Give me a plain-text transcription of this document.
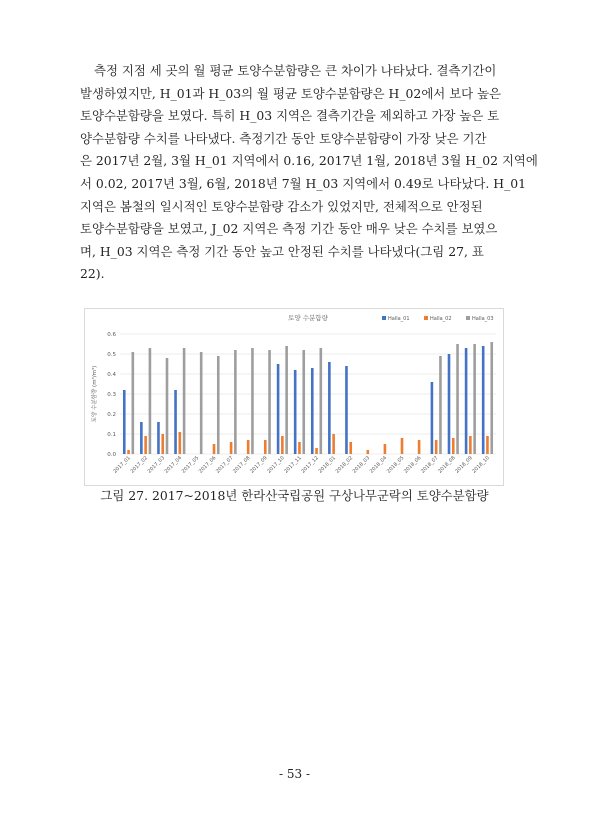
측정 지점 세 곳의 월 평균 토양수분함량은 큰 차이가 나타났다. 결측기간이
발생하였지만, H_01과 H_03의 월 평균 토양수분함량은 H_02에서 보다 높은
토양수분함량을 보였다. 특히 H_03 지역은 결측기간을 제외하고 가장 높은 토
양수분함량 수치를 나타냈다. 측정기간 동안 토양수분함량이 가장 낮은 기간
은 2017년 2월, 3월 H_01 지역에서 0.16, 2017년 1월, 2018년 3월 H_02 지역에
서 0.02, 2017년 3월, 6월, 2018년 7월 H_03 지역에서 0.49로 나타났다. H_01
지역은 봄철의 일시적인 토양수분함량 감소가 있었지만, 전체적으로 안정된
토양수분함량을 보였고, J_02 지역은 측정 기간 동안 매우 낮은 수치를 보였으
며, H_03 지역은 측정 기간 동안 높고 안정된 수치를 나타냈다(그림 27, 표
22).

토양 수분함량
0.0
0.1
0.2
0.3
0.4
0.5
0.6
토양 수분함량 (m³/m³)
2017_01
2017_02
2017_03
2017_04
2017_05
2017_06
2017_07
2017_08
2017_09
2017_10
2017_11
2017_12
2018_01
2018_02
2018_03
2018_04
2018_05
2018_06
2018_07
2018_08
2018_09
2018_10
Halla_01	Halla_02	Halla_03
그림 27. 2017~2018년 한라산국립공원 구상나무군락의 토양수분함량
- 53 -
